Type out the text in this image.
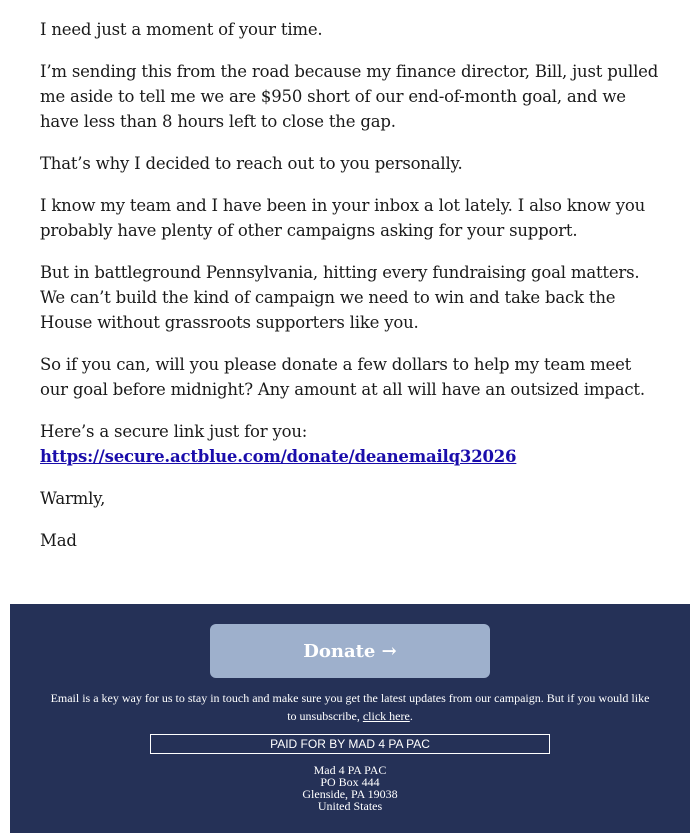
I need just a moment of your time.

I’m sending this from the road because my finance director, Bill, just pulled me aside to tell me we are $950 short of our end-of-month goal, and we have less than 8 hours left to close the gap.

That’s why I decided to reach out to you personally.

I know my team and I have been in your inbox a lot lately. I also know you probably have plenty of other campaigns asking for your support.

But in battleground Pennsylvania, hitting every fundraising goal matters. We can’t build the kind of campaign we need to win and take back the House without grassroots supporters like you.

So if you can, will you please donate a few dollars to help my team meet our goal before midnight? Any amount at all will have an outsized impact.

Here’s a secure link just for you:
https://secure.actblue.com/donate/deanemailq32026

Warmly,

Mad

Donate →
Email is a key way for us to stay in touch and make sure you get the latest updates from our campaign. But if you would like to unsubscribe, click here.
PAID FOR BY MAD 4 PA PAC
Mad 4 PA PAC
PO Box 444
Glenside, PA 19038
United States
